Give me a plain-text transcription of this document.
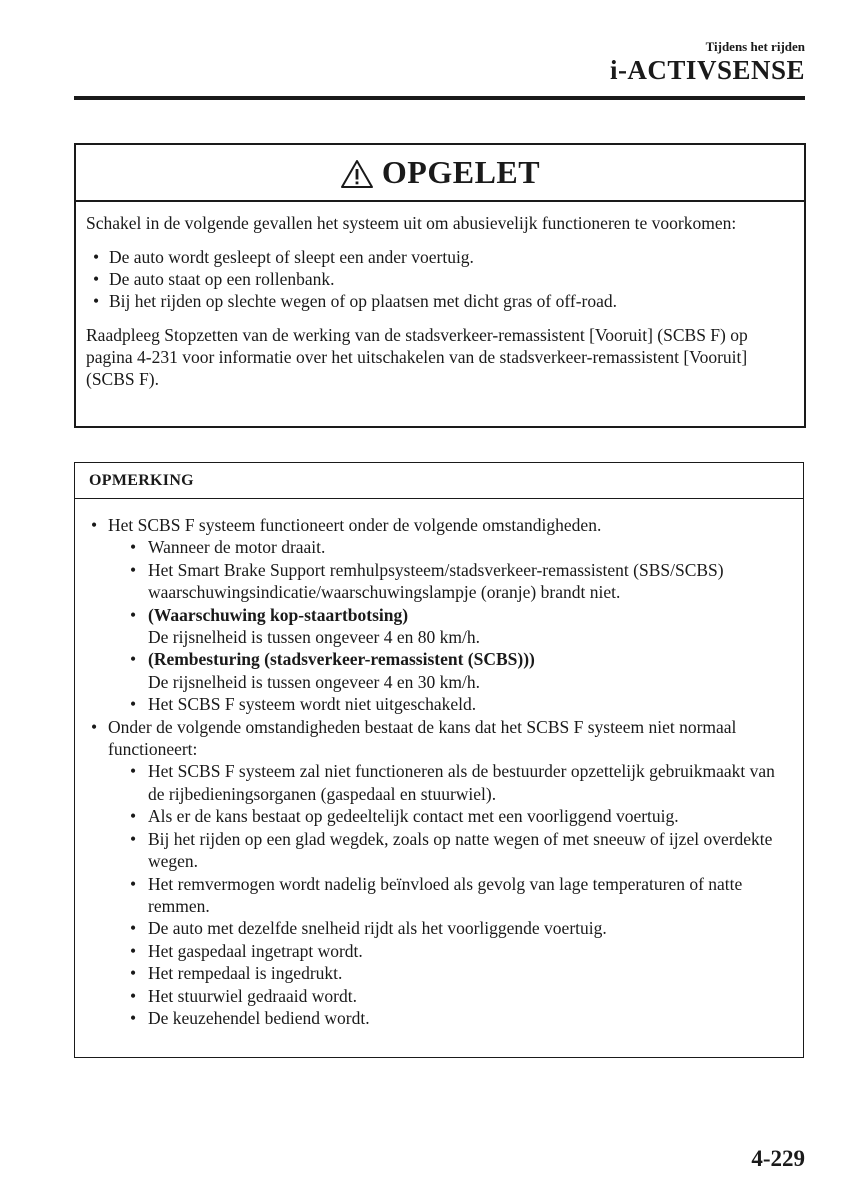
Tijdens het rijden
i-ACTIVSENSE
OPGELET

Schakel in de volgende gevallen het systeem uit om abusievelijk functioneren te voorkomen:

• De auto wordt gesleept of sleept een ander voertuig.
• De auto staat op een rollenbank.
• Bij het rijden op slechte wegen of op plaatsen met dicht gras of off-road.

Raadpleeg Stopzetten van de werking van de stadsverkeer-remassistent [Vooruit] (SCBS F) op pagina 4-231 voor informatie over het uitschakelen van de stadsverkeer-remassistent [Vooruit] (SCBS F).

OPMERKING
• Het SCBS F systeem functioneert onder de volgende omstandigheden.
• Wanneer de motor draait.
• Het Smart Brake Support remhulpsysteem/stadsverkeer-remassistent (SBS/SCBS) waarschuwingsindicatie/waarschuwingslampje (oranje) brandt niet.
• (Waarschuwing kop-staartbotsing)
De rijsnelheid is tussen ongeveer 4 en 80 km/h.
• (Rembesturing (stadsverkeer-remassistent (SCBS)))
De rijsnelheid is tussen ongeveer 4 en 30 km/h.
• Het SCBS F systeem wordt niet uitgeschakeld.
• Onder de volgende omstandigheden bestaat de kans dat het SCBS F systeem niet normaal functioneert:
• Het SCBS F systeem zal niet functioneren als de bestuurder opzettelijk gebruikmaakt van de rijbedieningsorganen (gaspedaal en stuurwiel).
• Als er de kans bestaat op gedeeltelijk contact met een voorliggend voertuig.
• Bij het rijden op een glad wegdek, zoals op natte wegen of met sneeuw of ijzel overdekte wegen.
• Het remvermogen wordt nadelig beïnvloed als gevolg van lage temperaturen of natte remmen.
• De auto met dezelfde snelheid rijdt als het voorliggende voertuig.
• Het gaspedaal ingetrapt wordt.
• Het rempedaal is ingedrukt.
• Het stuurwiel gedraaid wordt.
• De keuzehendel bediend wordt.
4-229
